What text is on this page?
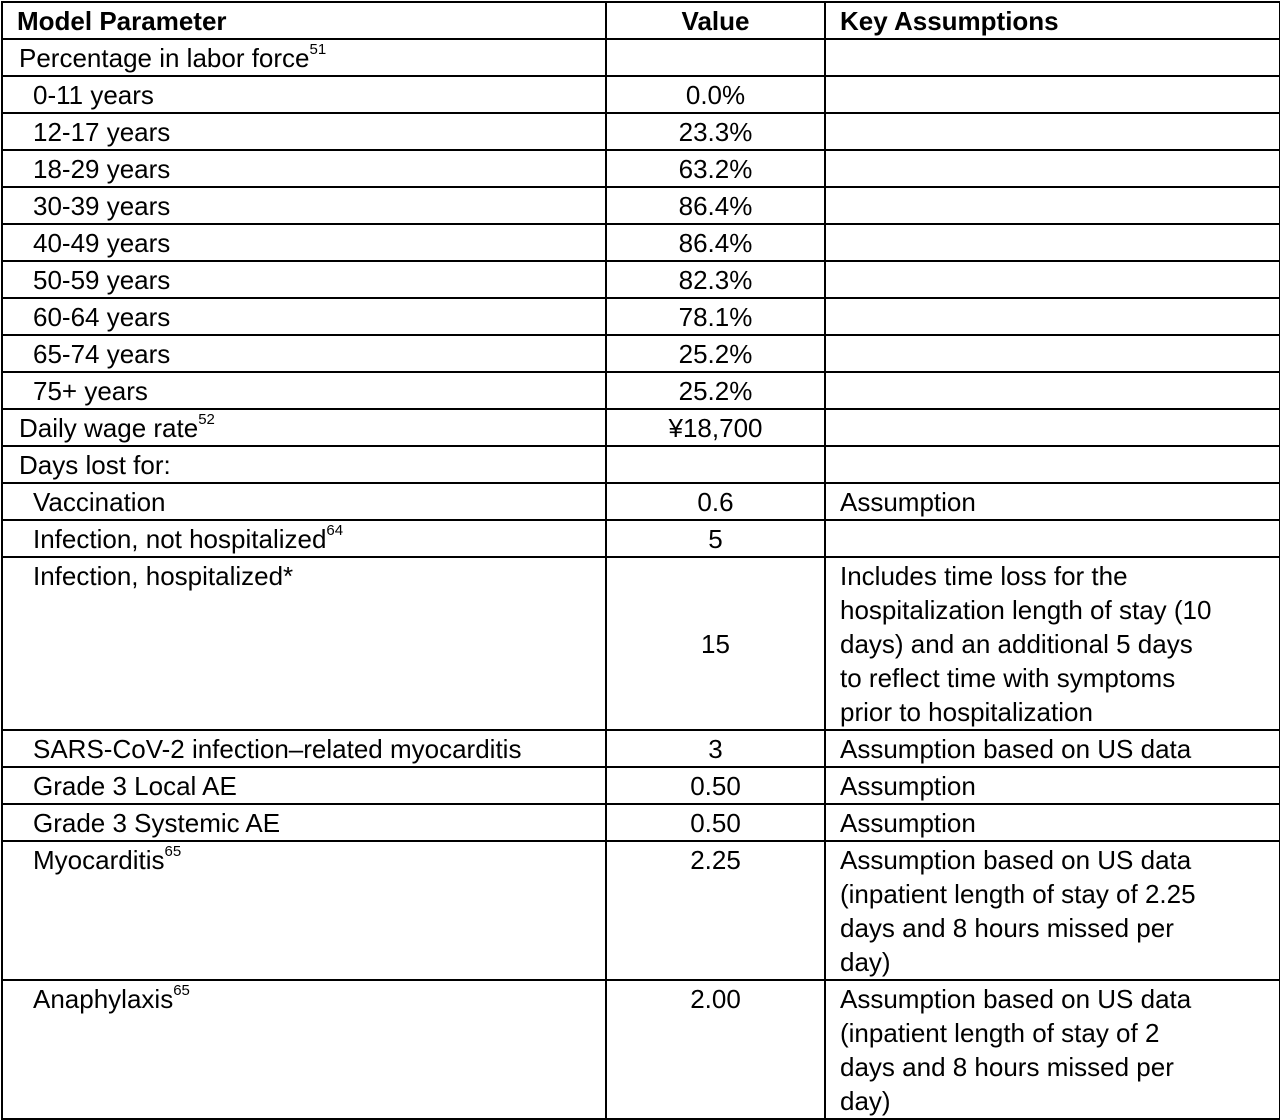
Model Parameter	Value	Key Assumptions
Percentage in labor force$^{51}$		
0-11 years	0.0%	
12-17 years	23.3%	
18-29 years	63.2%	
30-39 years	86.4%	
40-49 years	86.4%	
50-59 years	82.3%	
60-64 years	78.1%	
65-74 years	25.2%	
75+ years	25.2%	
Daily wage rate$^{52}$	¥18,700	
Days lost for:		
Vaccination	0.6	Assumption

Infection, not hospitalized$^{64}$	5	
Infection, hospitalized*	15	Includes time loss for the
hospitalization length of stay (10
days) and an additional 5 days
to reflect time with symptoms
prior to hospitalization

SARS-CoV-2 infection–related myocarditis	3	Assumption based on US data

Grade 3 Local AE	0.50	Assumption

Grade 3 Systemic AE	0.50	Assumption

Myocarditis$^{65}$	2.25	Assumption based on US data
(inpatient length of stay of 2.25
days and 8 hours missed per
day)

Anaphylaxis$^{65}$	2.00	Assumption based on US data
(inpatient length of stay of 2
days and 8 hours missed per
day)
